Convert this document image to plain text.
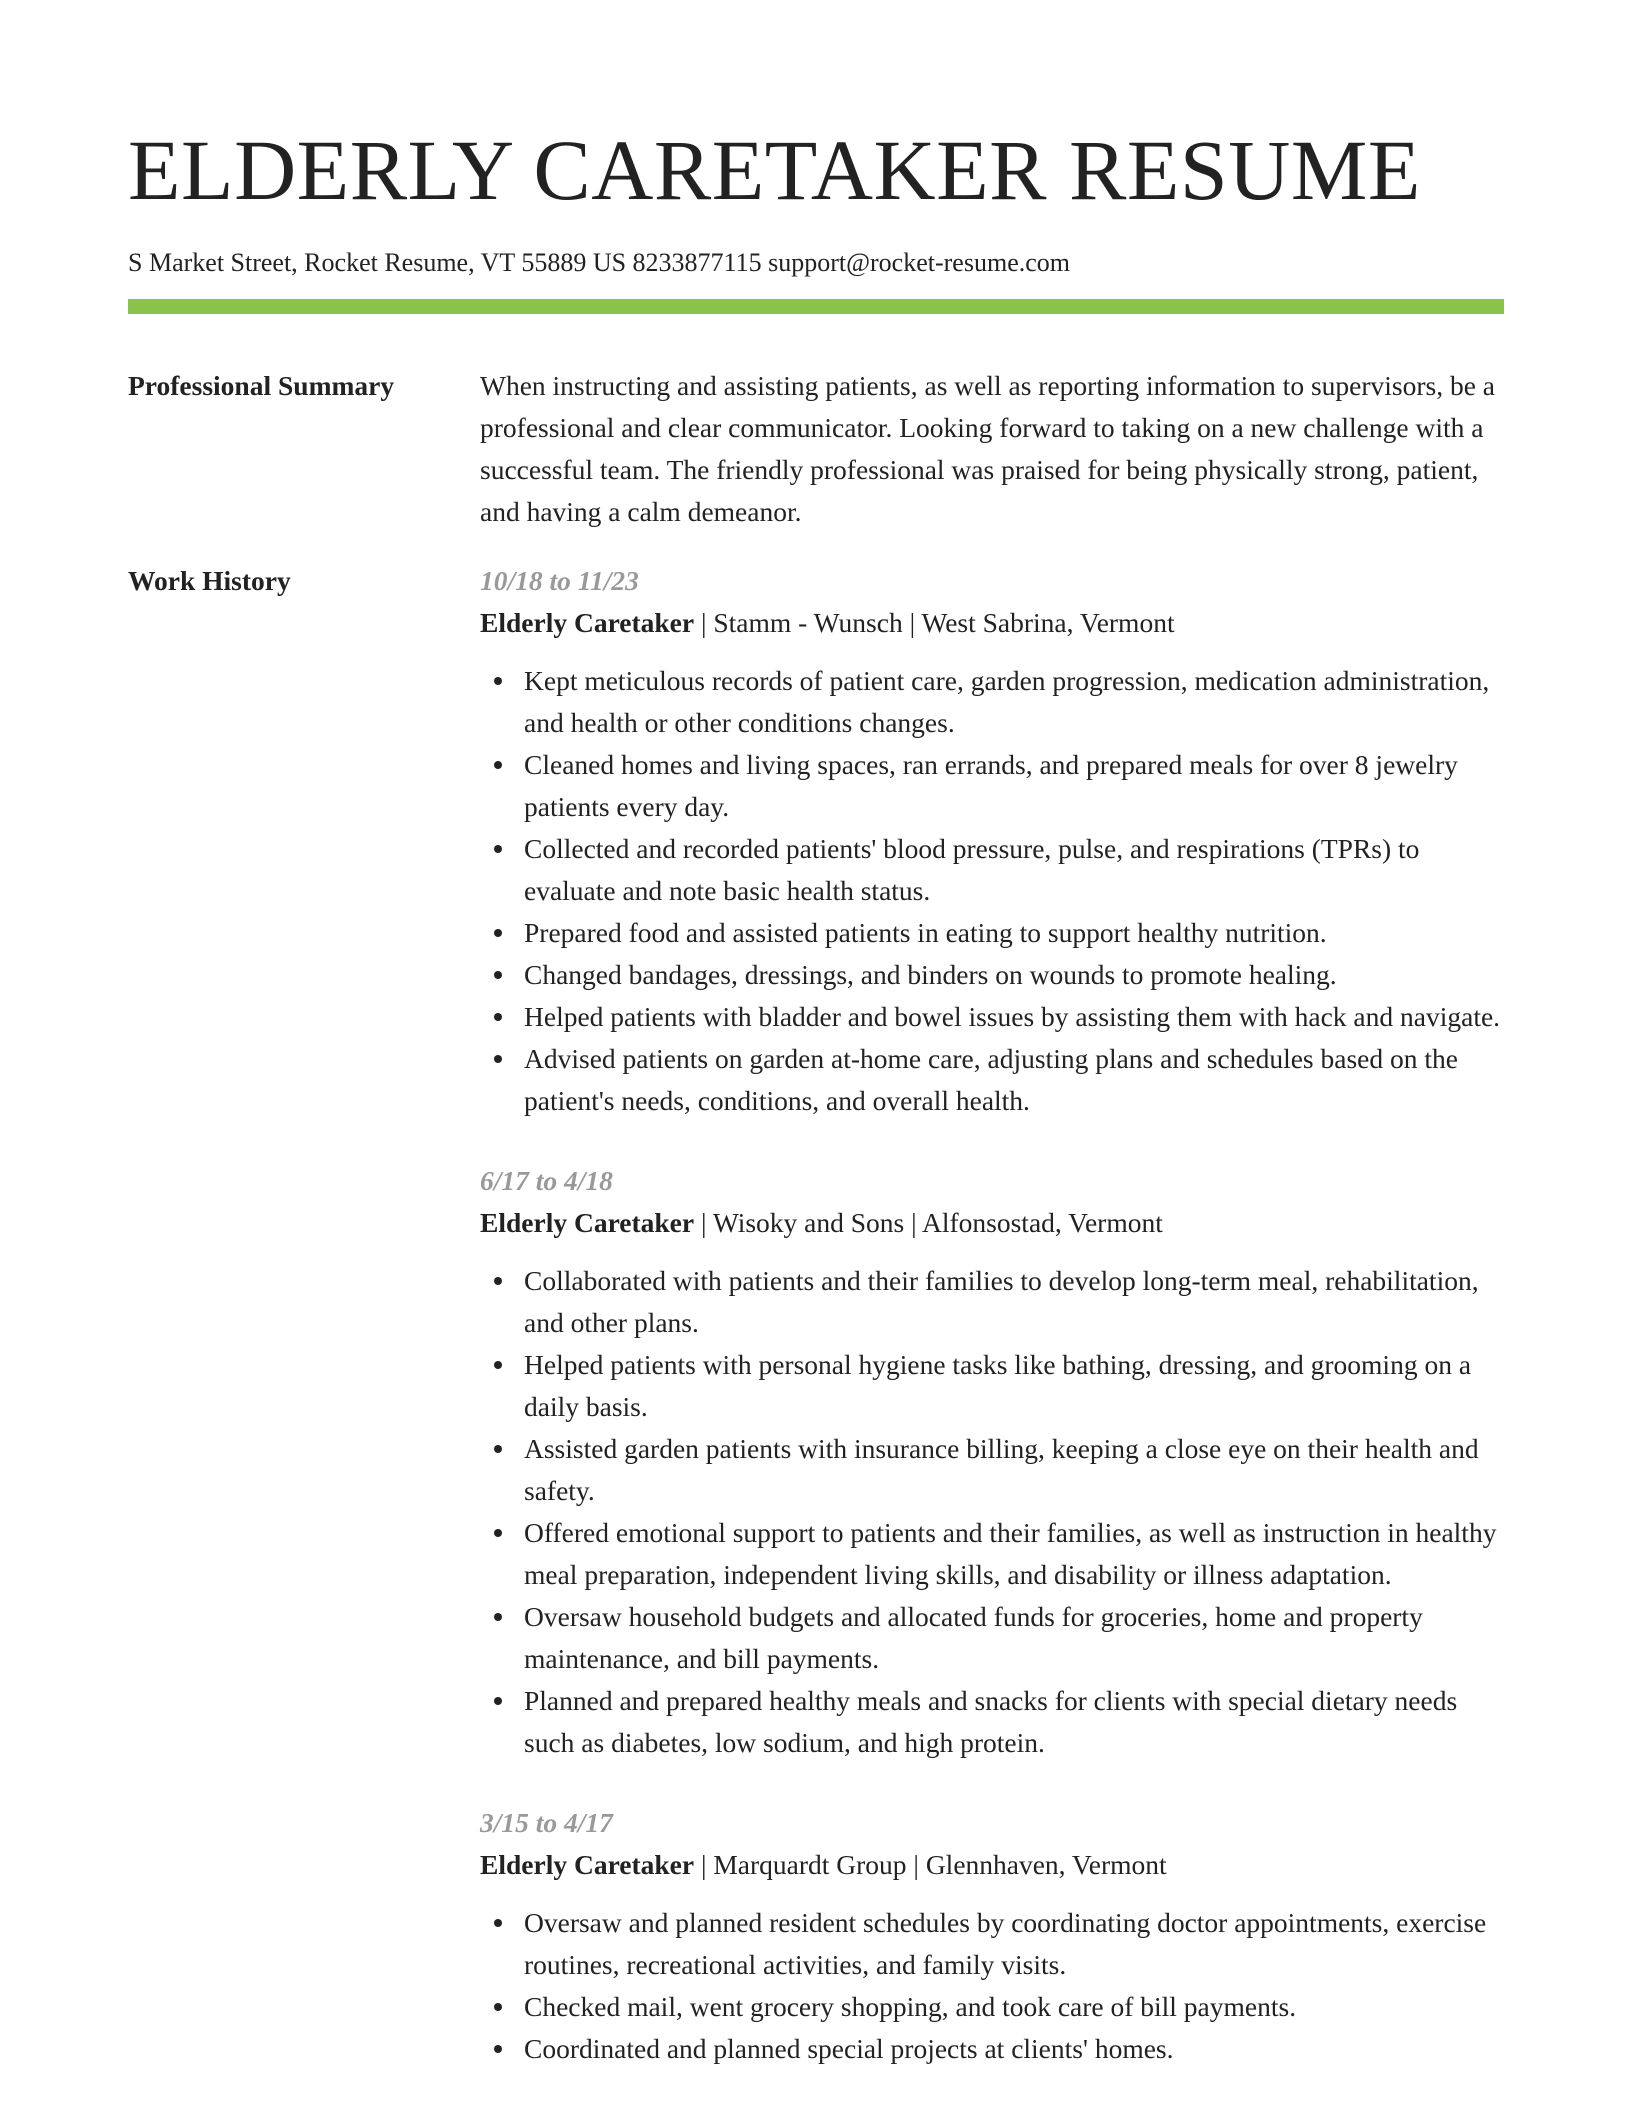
ELDERLY CARETAKER RESUME
S Market Street, Rocket Resume, VT 55889 US 8233877115 support@rocket-resume.com
Professional Summary	When instructing and assisting patients, as well as reporting information to supervisors, be a professional and clear communicator. Looking forward to taking on a new challenge with a successful team. The friendly professional was praised for being physically strong, patient, and having a calm demeanor.

Work History	10/18 to 11/23
Elderly Caretaker | Stamm - Wunsch | West Sabrina, Vermont
Kept meticulous records of patient care, garden progression, medication administration, and health or other conditions changes.
Cleaned homes and living spaces, ran errands, and prepared meals for over 8 jewelry patients every day.
Collected and recorded patients' blood pressure, pulse, and respirations (TPRs) to evaluate and note basic health status.
Prepared food and assisted patients in eating to support healthy nutrition.
Changed bandages, dressings, and binders on wounds to promote healing.
Helped patients with bladder and bowel issues by assisting them with hack and navigate.
Advised patients on garden at-home care, adjusting plans and schedules based on the patient's needs, conditions, and overall health.
6/17 to 4/18
Elderly Caretaker | Wisoky and Sons | Alfonsostad, Vermont
Collaborated with patients and their families to develop long-term meal, rehabilitation, and other plans.
Helped patients with personal hygiene tasks like bathing, dressing, and grooming on a daily basis.
Assisted garden patients with insurance billing, keeping a close eye on their health and safety.
Offered emotional support to patients and their families, as well as instruction in healthy meal preparation, independent living skills, and disability or illness adaptation.
Oversaw household budgets and allocated funds for groceries, home and property maintenance, and bill payments.
Planned and prepared healthy meals and snacks for clients with special dietary needs such as diabetes, low sodium, and high protein.
3/15 to 4/17
Elderly Caretaker | Marquardt Group | Glennhaven, Vermont
Oversaw and planned resident schedules by coordinating doctor appointments, exercise routines, recreational activities, and family visits.
Checked mail, went grocery shopping, and took care of bill payments.
Coordinated and planned special projects at clients' homes.
